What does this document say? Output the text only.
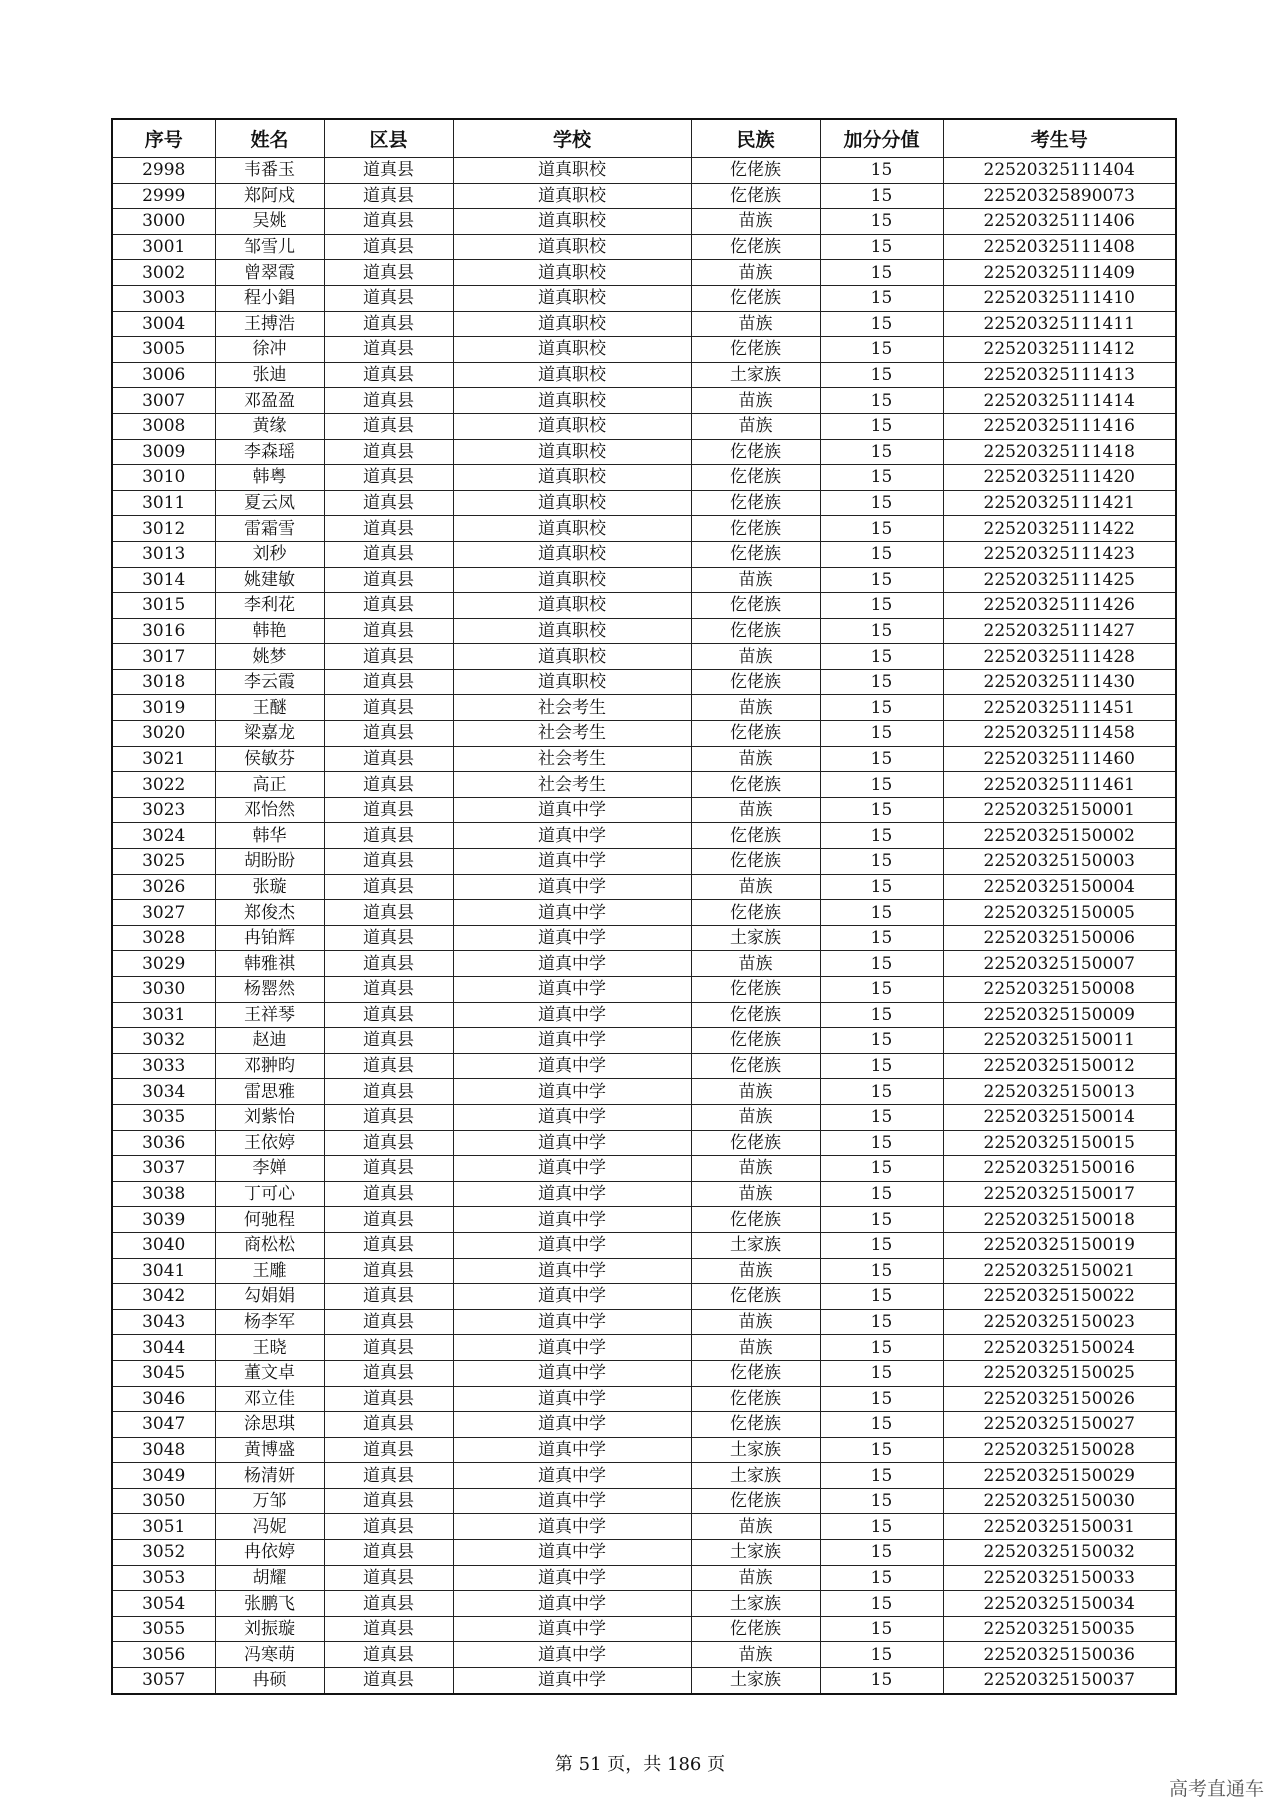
序号	姓名	区县	学校	民族	加分分值	考生号
2998	韦番玉	道真县	道真职校	仡佬族	15	22520325111404
2999	郑阿戍	道真县	道真职校	仡佬族	15	22520325890073
3000	吴姚	道真县	道真职校	苗族	15	22520325111406
3001	邹雪儿	道真县	道真职校	仡佬族	15	22520325111408
3002	曾翠霞	道真县	道真职校	苗族	15	22520325111409
3003	程小錩	道真县	道真职校	仡佬族	15	22520325111410
3004	王搏浩	道真县	道真职校	苗族	15	22520325111411
3005	徐冲	道真县	道真职校	仡佬族	15	22520325111412
3006	张迪	道真县	道真职校	土家族	15	22520325111413
3007	邓盈盈	道真县	道真职校	苗族	15	22520325111414
3008	黄缘	道真县	道真职校	苗族	15	22520325111416
3009	李森瑶	道真县	道真职校	仡佬族	15	22520325111418
3010	韩粤	道真县	道真职校	仡佬族	15	22520325111420
3011	夏云凤	道真县	道真职校	仡佬族	15	22520325111421
3012	雷霜雪	道真县	道真职校	仡佬族	15	22520325111422
3013	刘秒	道真县	道真职校	仡佬族	15	22520325111423
3014	姚建敏	道真县	道真职校	苗族	15	22520325111425
3015	李利花	道真县	道真职校	仡佬族	15	22520325111426
3016	韩艳	道真县	道真职校	仡佬族	15	22520325111427
3017	姚梦	道真县	道真职校	苗族	15	22520325111428
3018	李云霞	道真县	道真职校	仡佬族	15	22520325111430
3019	王醚	道真县	社会考生	苗族	15	22520325111451
3020	梁嘉龙	道真县	社会考生	仡佬族	15	22520325111458
3021	侯敏芬	道真县	社会考生	苗族	15	22520325111460
3022	高正	道真县	社会考生	仡佬族	15	22520325111461
3023	邓怡然	道真县	道真中学	苗族	15	22520325150001
3024	韩华	道真县	道真中学	仡佬族	15	22520325150002
3025	胡盼盼	道真县	道真中学	仡佬族	15	22520325150003
3026	张璇	道真县	道真中学	苗族	15	22520325150004
3027	郑俊杰	道真县	道真中学	仡佬族	15	22520325150005
3028	冉铂辉	道真县	道真中学	土家族	15	22520325150006
3029	韩雅祺	道真县	道真中学	苗族	15	22520325150007
3030	杨罂然	道真县	道真中学	仡佬族	15	22520325150008
3031	王祥琴	道真县	道真中学	仡佬族	15	22520325150009
3032	赵迪	道真县	道真中学	仡佬族	15	22520325150011
3033	邓翀昀	道真县	道真中学	仡佬族	15	22520325150012
3034	雷思雅	道真县	道真中学	苗族	15	22520325150013
3035	刘紫怡	道真县	道真中学	苗族	15	22520325150014
3036	王依婷	道真县	道真中学	仡佬族	15	22520325150015
3037	李婵	道真县	道真中学	苗族	15	22520325150016
3038	丁可心	道真县	道真中学	苗族	15	22520325150017
3039	何驰程	道真县	道真中学	仡佬族	15	22520325150018
3040	商松松	道真县	道真中学	土家族	15	22520325150019
3041	王雕	道真县	道真中学	苗族	15	22520325150021
3042	勾娟娟	道真县	道真中学	仡佬族	15	22520325150022
3043	杨李军	道真县	道真中学	苗族	15	22520325150023
3044	王晓	道真县	道真中学	苗族	15	22520325150024
3045	董文卓	道真县	道真中学	仡佬族	15	22520325150025
3046	邓立佳	道真县	道真中学	仡佬族	15	22520325150026
3047	涂思琪	道真县	道真中学	仡佬族	15	22520325150027
3048	黄博盛	道真县	道真中学	土家族	15	22520325150028
3049	杨清妍	道真县	道真中学	土家族	15	22520325150029
3050	万邹	道真县	道真中学	仡佬族	15	22520325150030
3051	冯妮	道真县	道真中学	苗族	15	22520325150031
3052	冉依婷	道真县	道真中学	土家族	15	22520325150032
3053	胡耀	道真县	道真中学	苗族	15	22520325150033
3054	张鹏飞	道真县	道真中学	土家族	15	22520325150034
3055	刘振璇	道真县	道真中学	仡佬族	15	22520325150035
3056	冯寒萌	道真县	道真中学	苗族	15	22520325150036
3057	冉硕	道真县	道真中学	土家族	15	22520325150037
第 51 页，共 186 页
高考直通车
